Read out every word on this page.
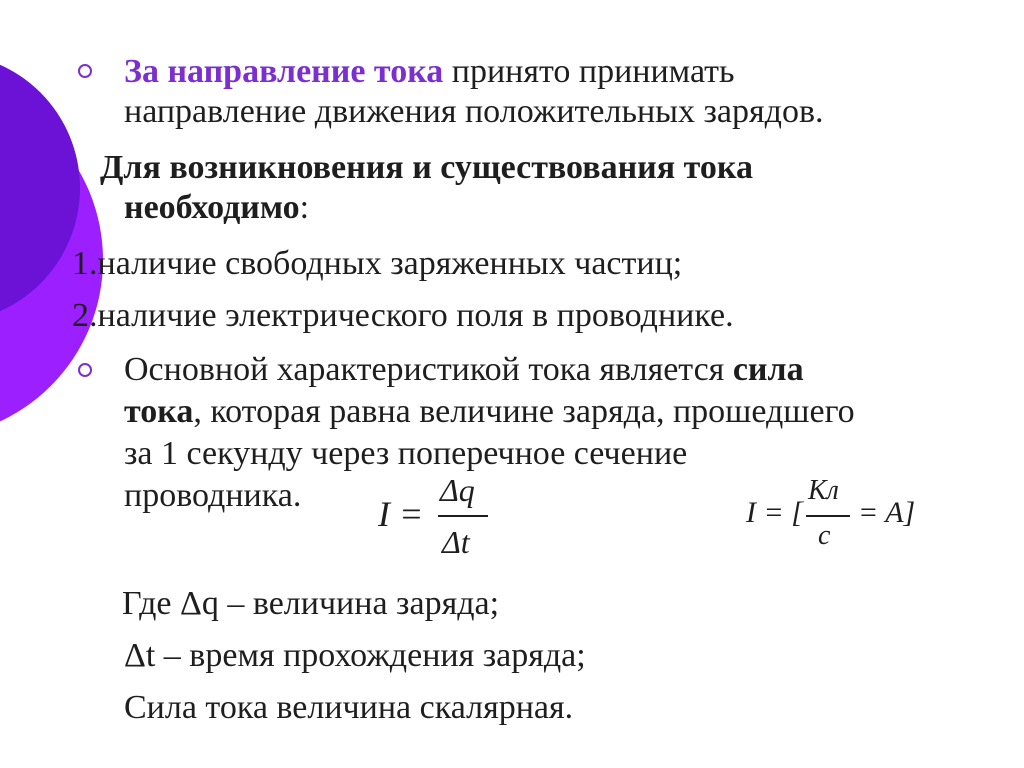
За направление тока принято принимать
направление движения положительных зарядов.
Для возникновения и существования тока
необходимо:
1.наличие свободных заряженных частиц;
2.наличие электрического поля в проводнике.
Основной характеристикой тока является сила
тока, которая равна величине заряда, прошедшего
за 1 секунду через поперечное сечение
проводника. I =
Δq
Δt
I = [
Кл
с
= A]
Где Δq – величина заряда;
Δt – время прохождения заряда;
Сила тока величина скалярная.
